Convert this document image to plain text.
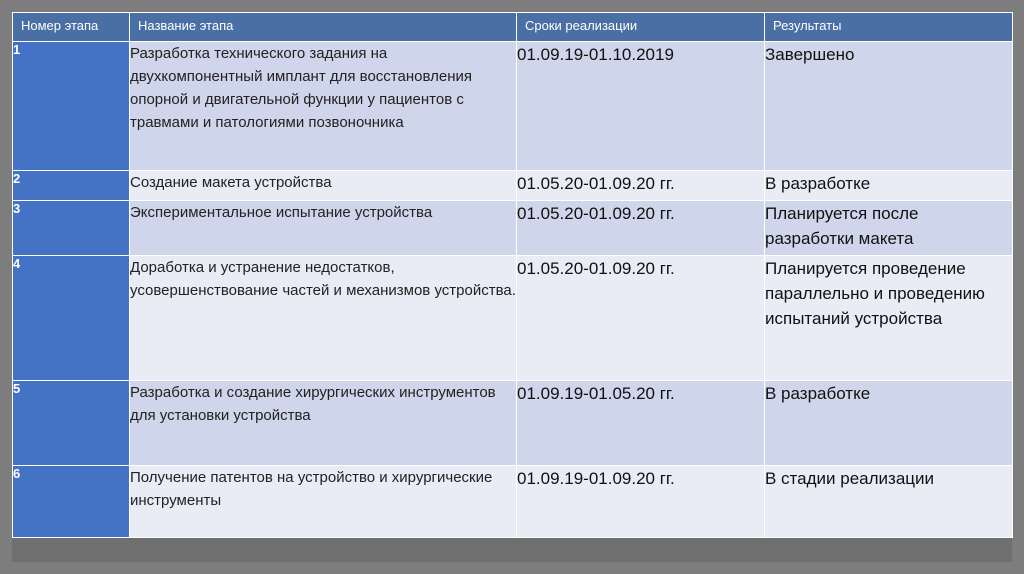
Номер этапа	Название этапа	Сроки реализации	Результаты
1	Разработка технического задания на двухкомпонентный имплант для восстановления опорной и двигательной функции у пациентов с травмами и патологиями позвоночника	01.09.19-01.10.2019	Завершено
2	Создание макета устройства	01.05.20-01.09.20 гг.	В разработке
3	Экспериментальное испытание устройства	01.05.20-01.09.20 гг.	Планируется после разработки макета
4	Доработка и устранение недостатков, усовершенствование частей и механизмов устройства.	01.05.20-01.09.20 гг.	Планируется проведение параллельно и проведению испытаний устройства
5	Разработка и создание хирургических инструментов для установки устройства	01.09.19-01.05.20 гг.	В разработке
6	Получение патентов на устройство и хирургические инструменты	01.09.19-01.09.20 гг.	В стадии реализации
